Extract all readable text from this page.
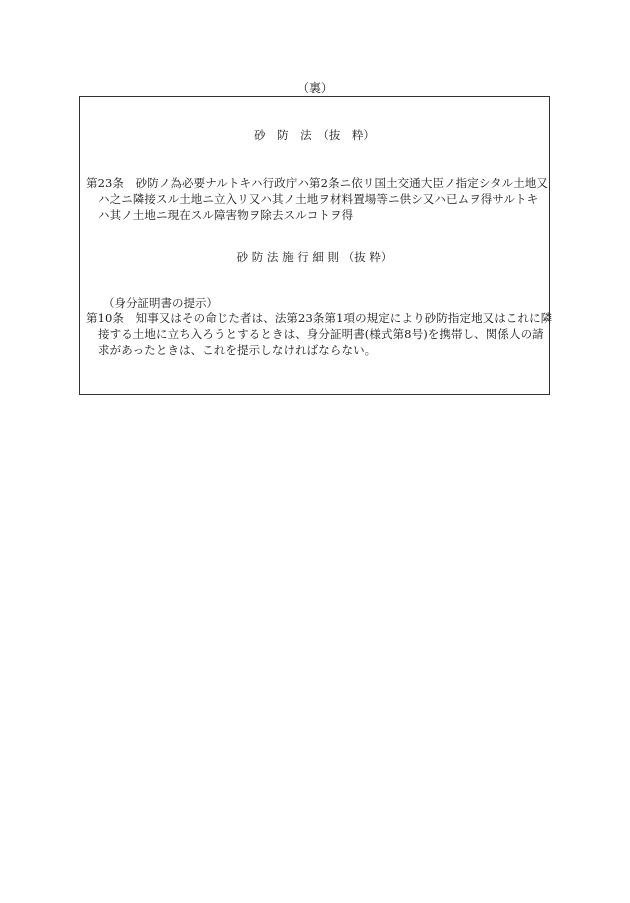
（裏）
砂　防　法　（抜　粋）
第23条　砂防ノ為必要ナルトキハ行政庁ハ第2条ニ依リ国土交通大臣ノ指定シタル土地又
ハ之ニ隣接スル土地ニ立入リ又ハ其ノ土地ヲ材料置場等ニ供シ又ハ已ムヲ得サルトキ
ハ其ノ土地ニ現在スル障害物ヲ除去スルコトヲ得
砂 防 法 施 行 細 則 （抜 粋）
（身分証明書の提示）
第10条　知事又はその命じた者は、法第23条第1項の規定により砂防指定地又はこれに隣
接する土地に立ち入ろうとするときは、身分証明書(様式第8号)を携帯し、関係人の請
求があったときは、これを提示しなければならない。
